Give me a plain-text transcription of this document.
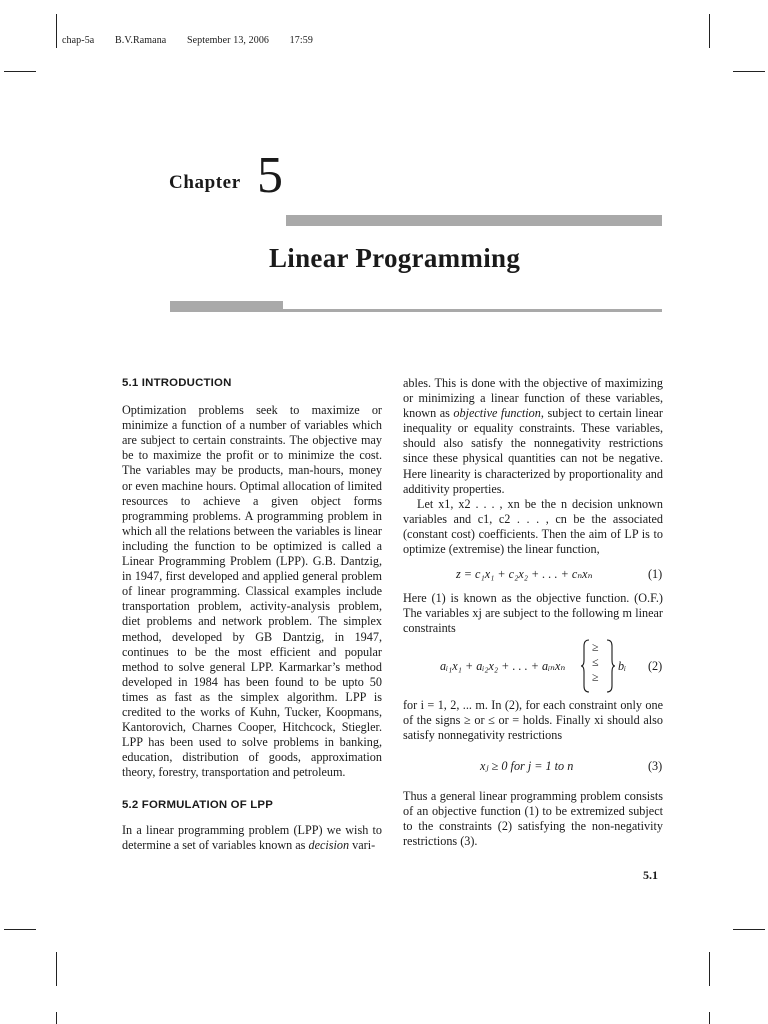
chap-5a B.V.Ramana September 13, 2006 17:59
Chapter 5
Linear Programming

5.1 INTRODUCTION

Optimization problems seek to maximize or minimize a function of a number of variables which are subject to certain constraints. The objective may be to maximize the profit or to minimize the cost. The variables may be products, man-hours, money or even machine hours. Optimal allocation of limited resources to achieve a given object forms programming problems. A programming problem in which all the relations between the variables is linear including the function to be optimized is called a Linear Programming Problem (LPP). G.B. Dantzig, in 1947, first developed and applied general problem of linear programming. Classical examples include transportation problem, activity-analysis problem, diet problems and network problem. The simplex method, developed by GB Dantzig, in 1947, continues to be the most efficient and popular method to solve general LPP. Karmarkar’s method developed in 1984 has been found to be upto 50 times as fast as the simplex algorithm. LPP is credited to the works of Kuhn, Tucker, Koopmans, Kantorovich, Charnes Cooper, Hitchcock, Stiegler. LPP has been used to solve problems in banking, education, distribution of goods, approximation theory, forestry, transportation and petroleum.

5.2 FORMULATION OF LPP

In a linear programming problem (LPP) we wish to determine a set of variables known as decision vari-

ables. This is done with the objective of maximizing or minimizing a linear function of these variables, known as objective function, subject to certain linear inequality or equality constraints. These variables, should also satisfy the nonnegativity restrictions since these physical quantities can not be negative. Here linearity is characterized by proportionality and additivity properties.

Let x1, x2 . . . , xn be the n decision unknown variables and c1, c2 . . . , cn be the associated (constant cost) coefficients. Then the aim of LP is to optimize (extremise) the linear function,

z = c₁x₁ + c₂x₂ + . . . + cₙxₙ	(1)

Here (1) is known as the objective function. (O.F.) The variables xj are subject to the following m linear constraints

aᵢ₁x₁ + aᵢ₂x₂ + . . . + aᵢₙxₙ
≥
≤
≥
bᵢ (2)

for i = 1, 2, ... m. In (2), for each constraint only one of the signs ≥ or ≤ or = holds. Finally xi should also satisfy nonnegativity restrictions

xⱼ ≥ 0 for j = 1 to n	(3)

Thus a general linear programming problem consists of an objective function (1) to be extremized subject to the constraints (2) satisfying the non-negativity restrictions (3).

5.1
